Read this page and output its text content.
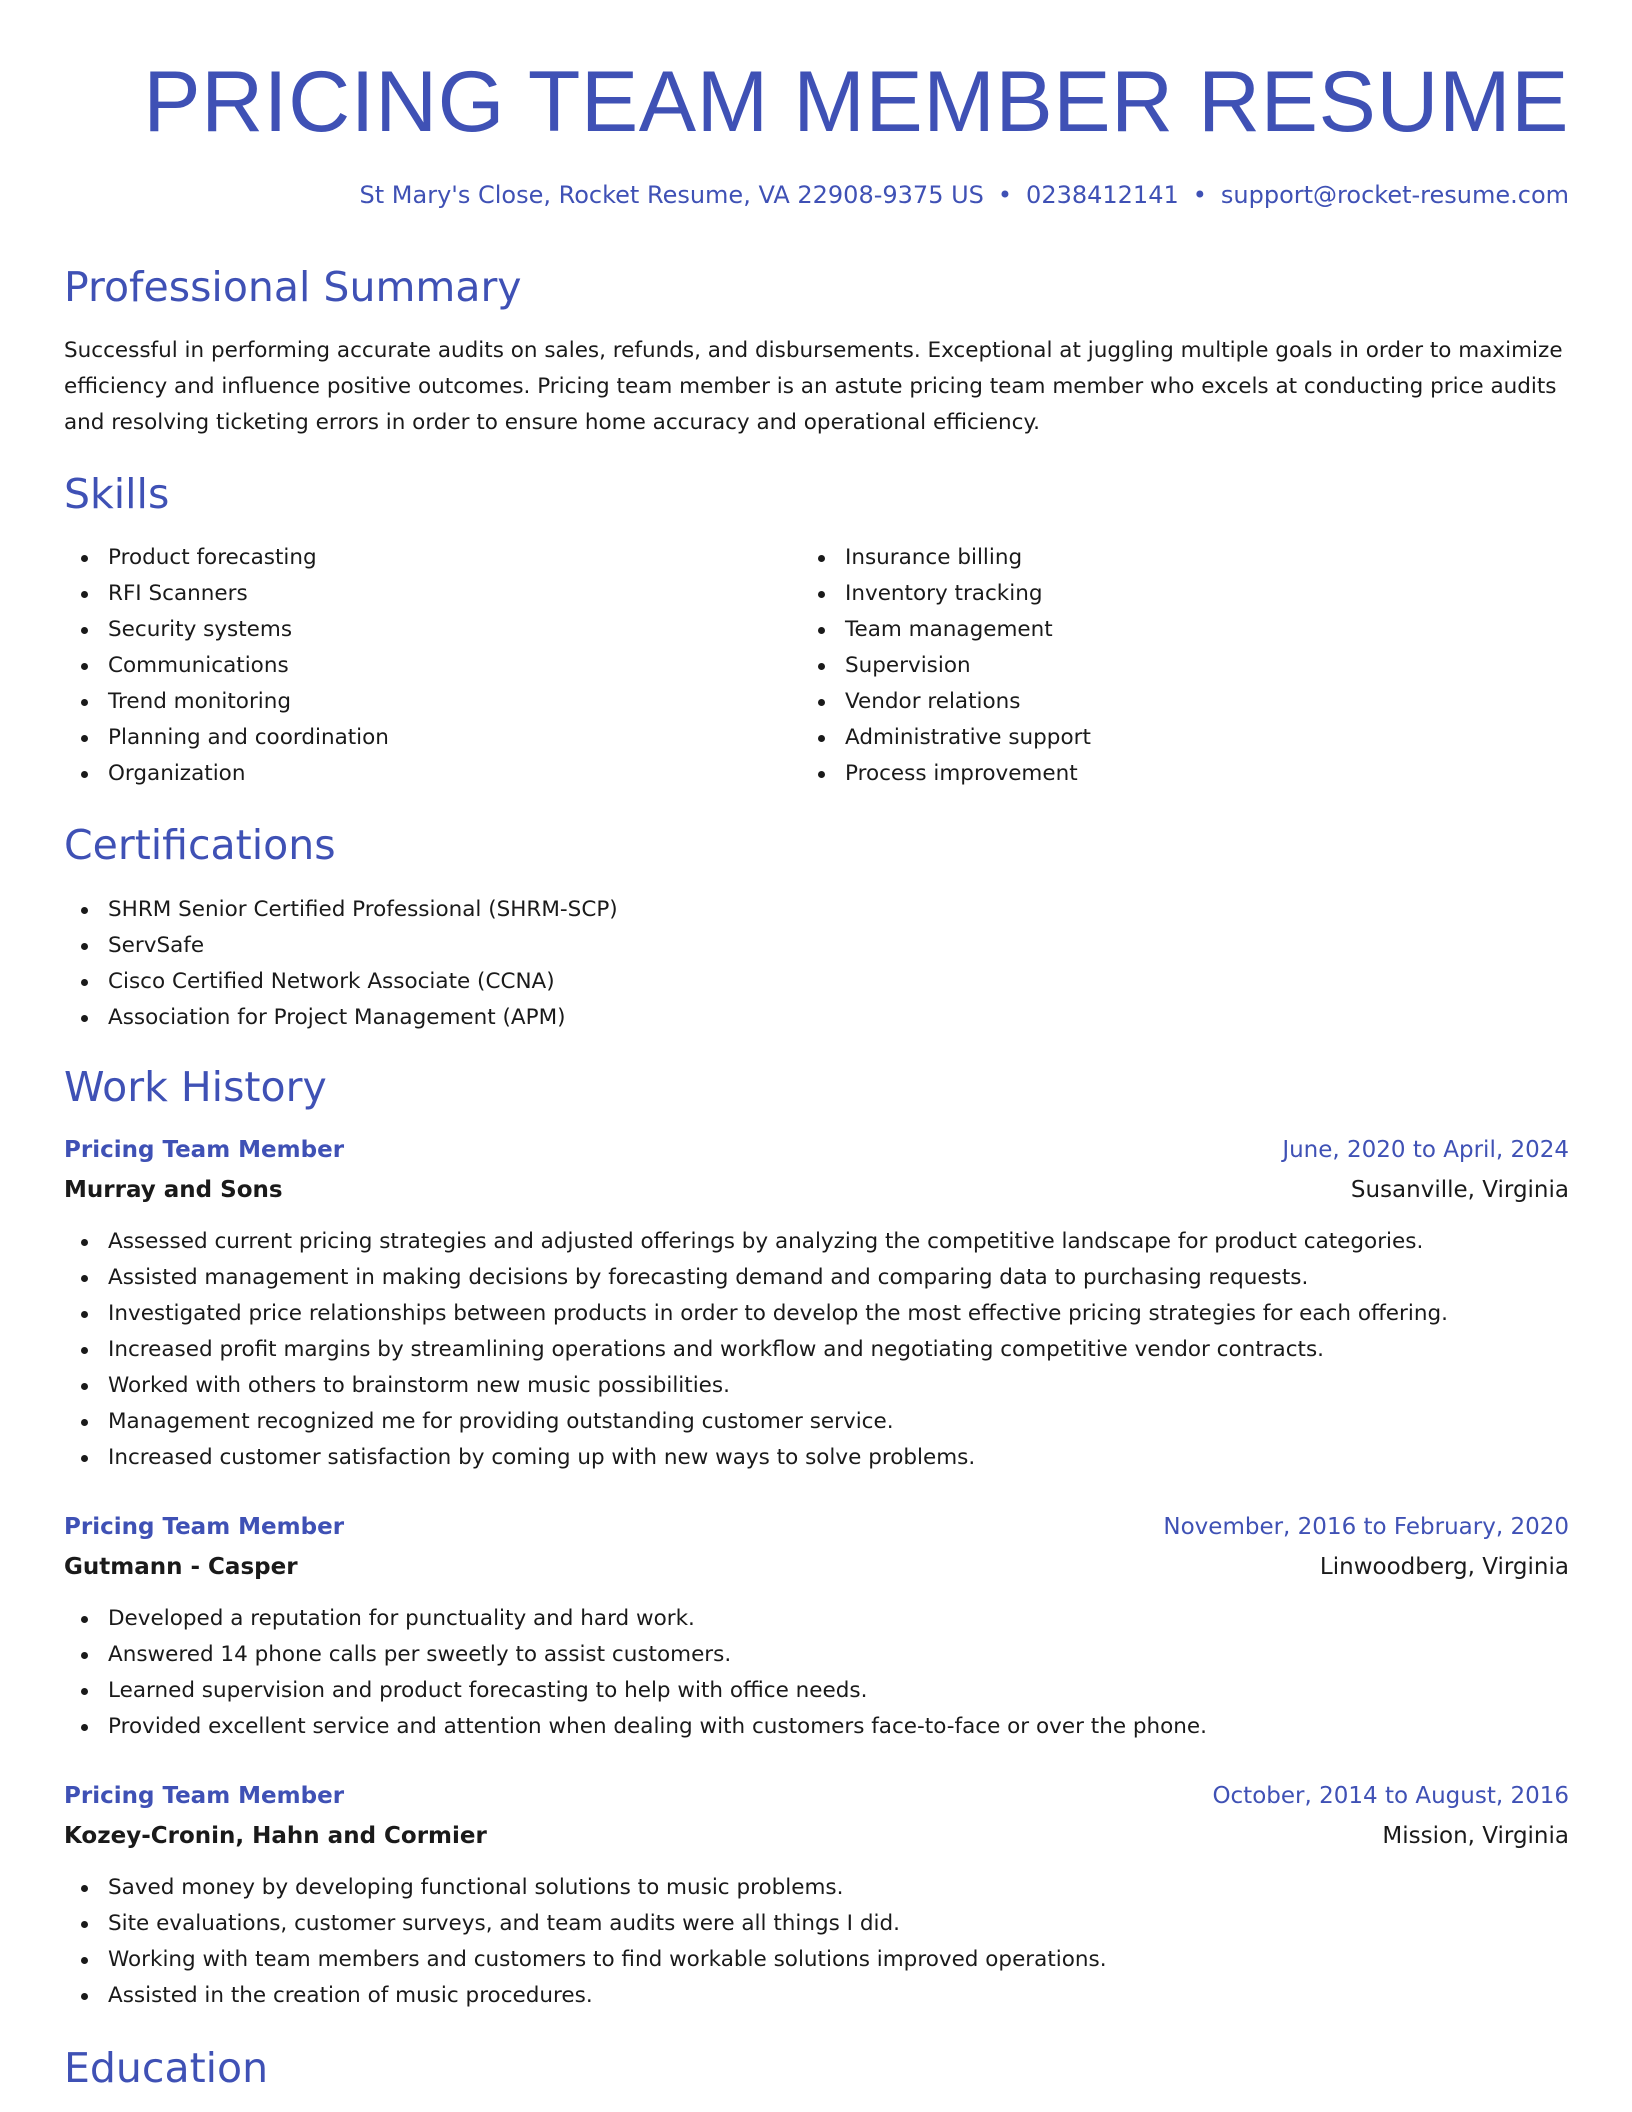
PRICING TEAM MEMBER RESUME
St Mary's Close, Rocket Resume, VA 22908-9375 US • 0238412141 • support@rocket-resume.com
Professional Summary

Successful in performing accurate audits on sales, refunds, and disbursements. Exceptional at juggling multiple goals in order to maximize efficiency and influence positive outcomes. Pricing team member is an astute pricing team member who excels at conducting price audits and resolving ticketing errors in order to ensure home accuracy and operational efficiency.

Skills
Product forecasting
RFI Scanners
Security systems
Communications
Trend monitoring
Planning and coordination
Organization
Insurance billing
Inventory tracking
Team management
Supervision
Vendor relations
Administrative support
Process improvement
Certifications
SHRM Senior Certified Professional (SHRM-SCP)
ServSafe
Cisco Certified Network Associate (CCNA)
Association for Project Management (APM)
Work History
Pricing Team Member	June, 2020 to April, 2024
Murray and Sons	Susanville, Virginia
Assessed current pricing strategies and adjusted offerings by analyzing the competitive landscape for product categories.
Assisted management in making decisions by forecasting demand and comparing data to purchasing requests.
Investigated price relationships between products in order to develop the most effective pricing strategies for each offering.
Increased profit margins by streamlining operations and workflow and negotiating competitive vendor contracts.
Worked with others to brainstorm new music possibilities.
Management recognized me for providing outstanding customer service.
Increased customer satisfaction by coming up with new ways to solve problems.
Pricing Team Member	November, 2016 to February, 2020
Gutmann - Casper	Linwoodberg, Virginia
Developed a reputation for punctuality and hard work.
Answered 14 phone calls per sweetly to assist customers.
Learned supervision and product forecasting to help with office needs.
Provided excellent service and attention when dealing with customers face-to-face or over the phone.
Pricing Team Member	October, 2014 to August, 2016
Kozey-Cronin, Hahn and Cormier	Mission, Virginia
Saved money by developing functional solutions to music problems.
Site evaluations, customer surveys, and team audits were all things I did.
Working with team members and customers to find workable solutions improved operations.
Assisted in the creation of music procedures.
Education
